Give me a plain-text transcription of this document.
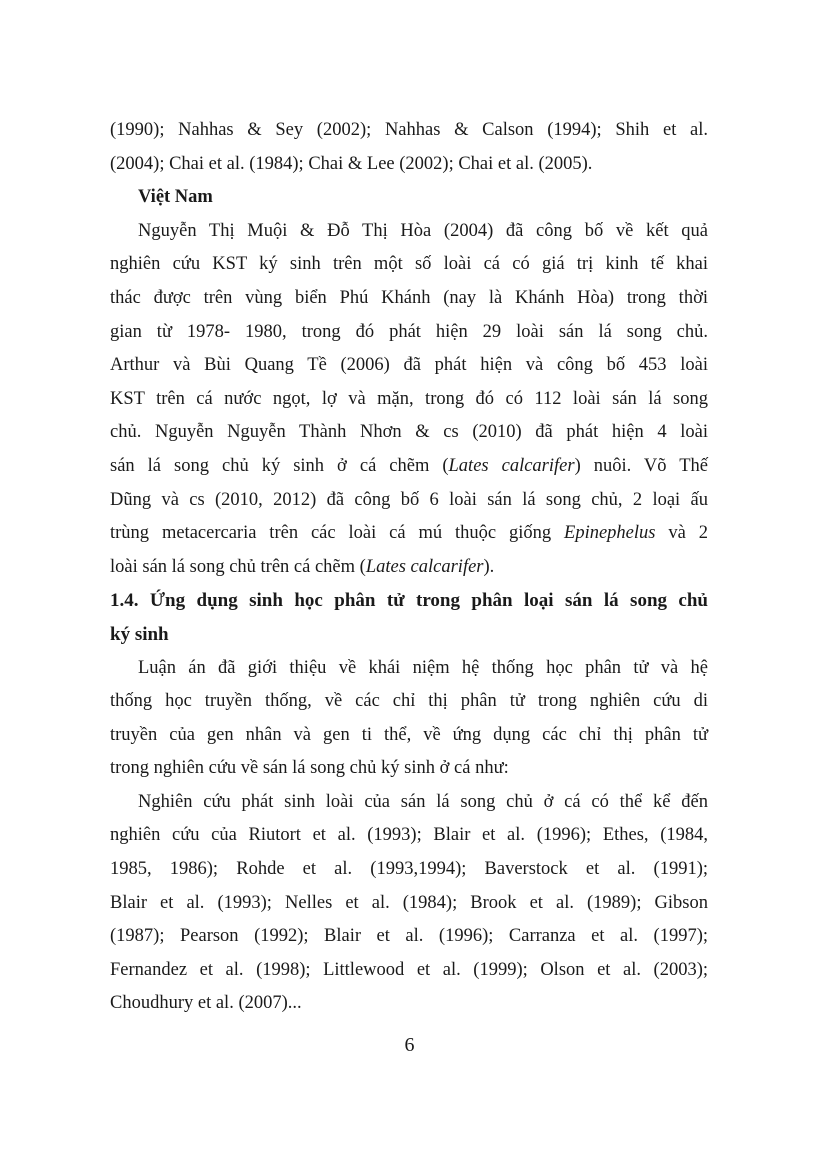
(1990); Nahhas & Sey (2002); Nahhas & Calson (1994); Shih et al.
(2004); Chai et al. (1984); Chai & Lee (2002); Chai et al. (2005).
Việt Nam
Nguyễn Thị Muội & Đỗ Thị Hòa (2004) đã công bố về kết quả
nghiên cứu KST ký sinh trên một số loài cá có giá trị kinh tế khai
thác được trên vùng biển Phú Khánh (nay là Khánh Hòa) trong thời
gian từ 1978- 1980, trong đó phát hiện 29 loài sán lá song chủ.
Arthur và Bùi Quang Tề (2006) đã phát hiện và công bố 453 loài
KST trên cá nước ngọt, lợ và mặn, trong đó có 112 loài sán lá song
chủ. Nguyễn Nguyễn Thành Nhơn & cs (2010) đã phát hiện 4 loài
sán lá song chủ ký sinh ở cá chẽm (Lates calcarifer) nuôi. Võ Thế
Dũng và cs (2010, 2012) đã công bố 6 loài sán lá song chủ, 2 loại ấu
trùng metacercaria trên các loài cá mú thuộc giống Epinephelus và 2
loài sán lá song chủ trên cá chẽm (Lates calcarifer).
1.4. Ứng dụng sinh học phân tử trong phân loại sán lá song chủ
ký sinh
Luận án đã giới thiệu về khái niệm hệ thống học phân tử và hệ
thống học truyền thống, về các chỉ thị phân tử trong nghiên cứu di
truyền của gen nhân và gen ti thể, về ứng dụng các chỉ thị phân tử
trong nghiên cứu về sán lá song chủ ký sinh ở cá như:
Nghiên cứu phát sinh loài của sán lá song chủ ở cá có thể kể đến
nghiên cứu của Riutort et al. (1993); Blair et al. (1996); Ethes, (1984,
1985, 1986); Rohde et al. (1993,1994); Baverstock et al. (1991);
Blair et al. (1993); Nelles et al. (1984); Brook et al. (1989); Gibson
(1987); Pearson (1992); Blair et al. (1996); Carranza et al. (1997);
Fernandez et al. (1998); Littlewood et al. (1999); Olson et al. (2003);
Choudhury et al. (2007)...
6
